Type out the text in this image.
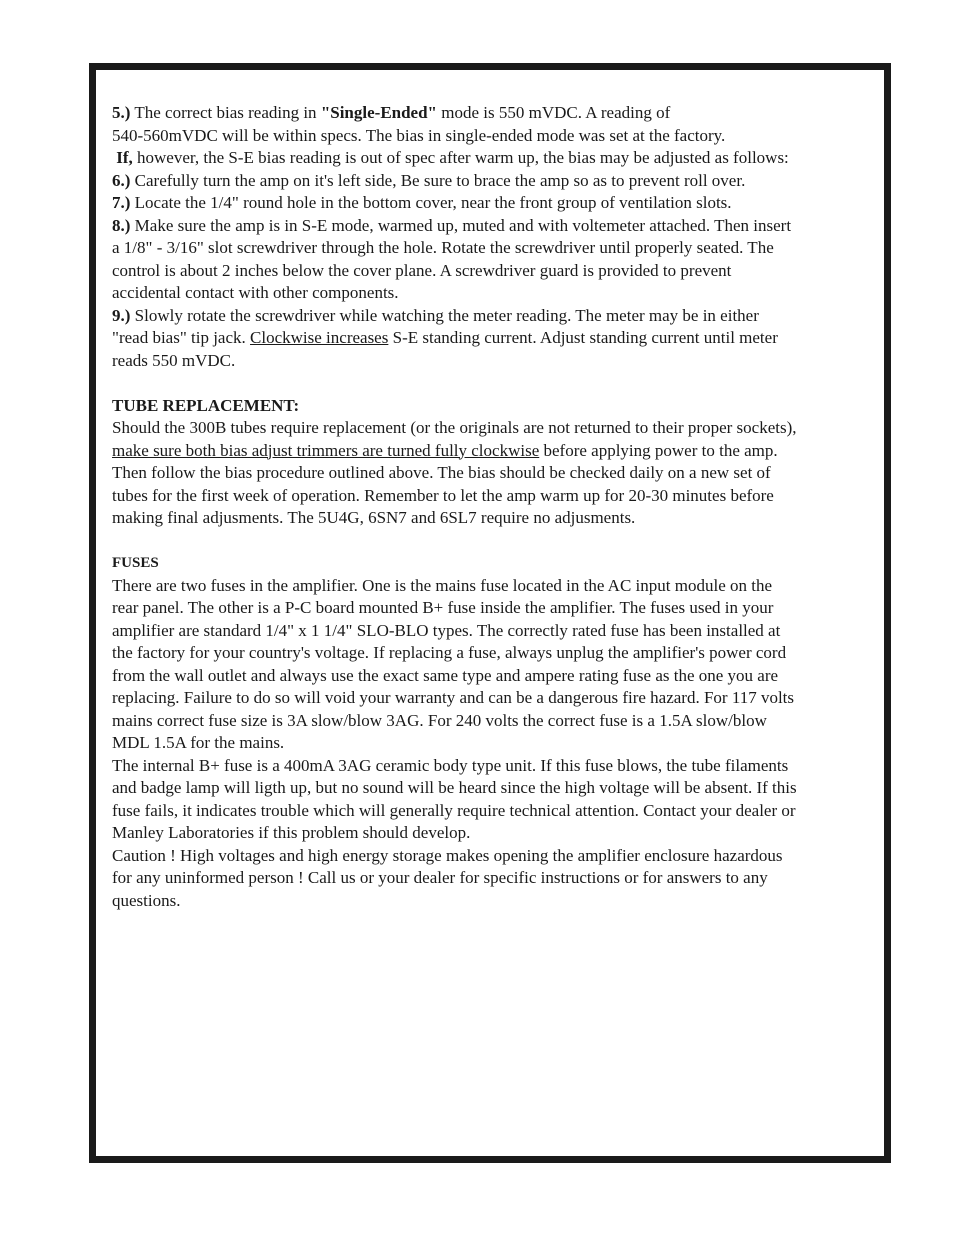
5.) The correct bias reading in "Single-Ended" mode is 550 mVDC. A reading of

540-560mVDC will be within specs. The bias in single-ended mode was set at the factory.

If, however, the S-E bias reading is out of spec after warm up, the bias may be adjusted as follows:

6.) Carefully turn the amp on it's left side, Be sure to brace the amp so as to prevent roll over.

7.) Locate the 1/4" round hole in the bottom cover, near the front group of ventilation slots.

8.) Make sure the amp is in S-E mode, warmed up, muted and with voltemeter attached. Then insert

a 1/8" - 3/16" slot screwdriver through the hole. Rotate the screwdriver until properly seated. The

control is about 2 inches below the cover plane. A screwdriver guard is provided to prevent

accidental contact with other components.

9.) Slowly rotate the screwdriver while watching the meter reading. The meter may be in either

"read bias" tip jack. Clockwise increases S-E standing current. Adjust standing current until meter

reads 550 mVDC.

TUBE REPLACEMENT:

Should the 300B tubes require replacement (or the originals are not returned to their proper sockets),

make sure both bias adjust trimmers are turned fully clockwise before applying power to the amp.

Then follow the bias procedure outlined above. The bias should be checked daily on a new set of

tubes for the first week of operation. Remember to let the amp warm up for 20-30 minutes before

making final adjusments. The 5U4G, 6SN7 and 6SL7 require no adjusments.

FUSES

There are two fuses in the amplifier. One is the mains fuse located in the AC input module on the

rear panel. The other is a P-C board mounted B+ fuse inside the amplifier. The fuses used in your

amplifier are standard 1/4" x 1 1/4" SLO-BLO types. The correctly rated fuse has been installed at

the factory for your country's voltage. If replacing a fuse, always unplug the amplifier's power cord

from the wall outlet and always use the exact same type and ampere rating fuse as the one you are

replacing. Failure to do so will void your warranty and can be a dangerous fire hazard. For 117 volts

mains correct fuse size is 3A slow/blow 3AG. For 240 volts the correct fuse is a 1.5A slow/blow

MDL 1.5A for the mains.

The internal B+ fuse is a 400mA 3AG ceramic body type unit. If this fuse blows, the tube filaments

and badge lamp will ligth up, but no sound will be heard since the high voltage will be absent. If this

fuse fails, it indicates trouble which will generally require technical attention. Contact your dealer or

Manley Laboratories if this problem should develop.

Caution ! High voltages and high energy storage makes opening the amplifier enclosure hazardous

for any uninformed person ! Call us or your dealer for specific instructions or for answers to any

questions.
